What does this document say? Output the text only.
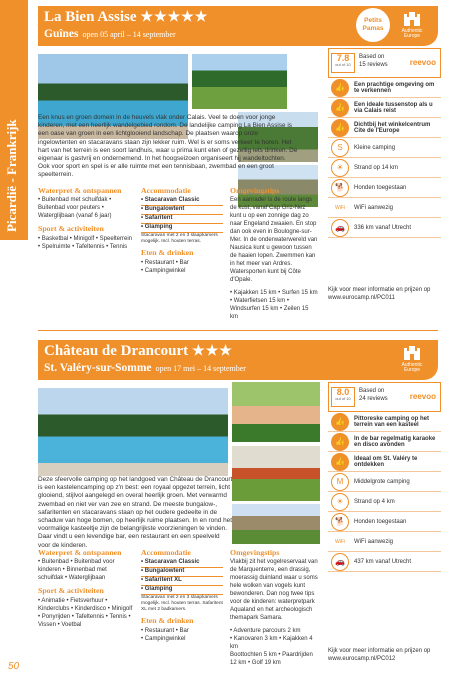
Picardië - Frankrijk
50
La Bien Assise ★★★★★
Guînes open 05 april – 14 september
Petits Pamas	Authentic Europe
7.8
out of 10
Based on
15 reviews	reevoo
👍	Een prachtige omgeving om te verkennen
👍	Een ideale tussenstop als u via Calais reist
👍	Dichtbij het winkelcentrum Cite de l'Europe
S	Kleine camping
☀	Strand op 14 km
🐕	Honden toegestaan
WiFi	WiFi aanwezig
🚗	336 km vanaf Utrecht
Een knus en groen domein in de heuvels vlak onder Calais. Veel te doen voor jonge kinderen, met een heerlijk wandelgebied rondom. De landelijke camping La Bien Assise is een oase van groen in een lichtglooiend landschap. De plaatsen waarop onze ingelowtenten en stacaravans staan zijn lekker ruim. Wel is er soms verkeer te horen. Het hart van het terrein is een soort landhuis, waar u prima kunt eten of gezellig iets drinken. De eigenaar is gastvrij en ondernemend. In het hoogseizoen organiseert hij wandeltochten. Ook voor sport en spel is er alle ruimte met een tennisbaan, zwembad en een groot speelterrein.
Waterpret & ontspannen
• Buitenbad met schuifdak • Buitenbad voor peuters • Waterglijbaan (vanaf 6 jaar)
Sport & activiteiten
• Basketbal • Minigolf • Speelterrein • Spelruimte • Tafeltennis • Tennis
Accommodatie
• Stacaravan Classic
• Bungalowtent
• Safaritent
• Glamping
Stacaravan met 2 en 3 slaapkamers mogelijk. Incl. houten terras.
Eten & drinken
• Restaurant • Bar
• Campingwinkel
Omgevingstips
Een aanrader is de route langs de kust, vanaf Cap Griz-Nez kunt u op een zonnige dag zo naar Engeland zwaaien. En stop dan ook even in Boulogne-sur-Mer. In de onderwaterwereld van Nausica kunt u gewoon tussen de haaien lopen. Zwemmen kan in het meer van Ardres. Watersporten kunt bij Côte d'Opale.
• Kajakken 15 km • Surfen 15 km
• Waterfietsen 15 km • Windsurfen 15 km • Zeilen 15 km
Kijk voor meer informatie en prijzen op www.eurocamp.nl/PC011
Château de Drancourt ★★★
St. Valéry-sur-Somme open 17 mei – 14 september	Authentic Europe
8.0
out of 10
Based on
24 reviews	reevoo
👍	Pittoreske camping op het terrein van een kasteel
👍	In de bar regelmatig karaoke en disco avonden
👍	Ideaal om St. Valéry te ontdekken
M	Middelgrote camping
☀	Strand op 4 km
🐕	Honden toegestaan
WiFi	WiFi aanwezig
🚗	437 km vanaf Utrecht
Deze sfeervolle camping op het landgoed van Château de Drancourt is een kastelencamping op z'n best: een royaal opgezet terrein, licht glooiend, stijlvol aangelegd en overal heerlijk groen. Met verwarmd zwembad en niet ver van zee en strand. De meeste bungalow-, safaritenten en stacaravans staan op het oudere gedeelte in de schaduw van hoge bomen, op heerlijk ruime plaatsen. In en rond het voormalige kasteeltje zijn de belangrijkste voorzieningen te vinden. Daar vindt u een levendige bar, een restaurant en een speelveld voor de kinderen.
Waterpret & ontspannen
• Buitenbad • Buitenbad voor kinderen • Binnenbad met schuifdak • Waterglijbaan
Sport & activiteiten
• Animatie • Fietsverhuur • Kinderclubs • Kinderdisco • Minigolf • Ponyrijden • Tafeltennis • Tennis • Vissen • Voetbal
Accommodatie
• Stacaravan Classic
• Bungalowtent
• Safaritent XL
• Glamping
Stacaravan met 2 en 3 slaapkamers mogelijk. Incl. houten terras. Safaritent XL met 2 badkamers.
Eten & drinken
• Restaurant • Bar
• Campingwinkel
Omgevingstips
Vlakbij zit het vogelreservaat van de Marquenterre, een drassig, moerassig duinland waar u soms hele wolken van vogels kunt bewonderen. Dan nog twee tips voor de kinderen: waterpretpark Aqualand en het archeologisch themapark Samara.
• Adventure parcours 2 km
• Kanovaren 3 km • Kajakken 4 km
Boottochten 5 km • Paardrijden 12 km • Golf 19 km
Kijk voor meer informatie en prijzen op www.eurocamp.nl/PC012
